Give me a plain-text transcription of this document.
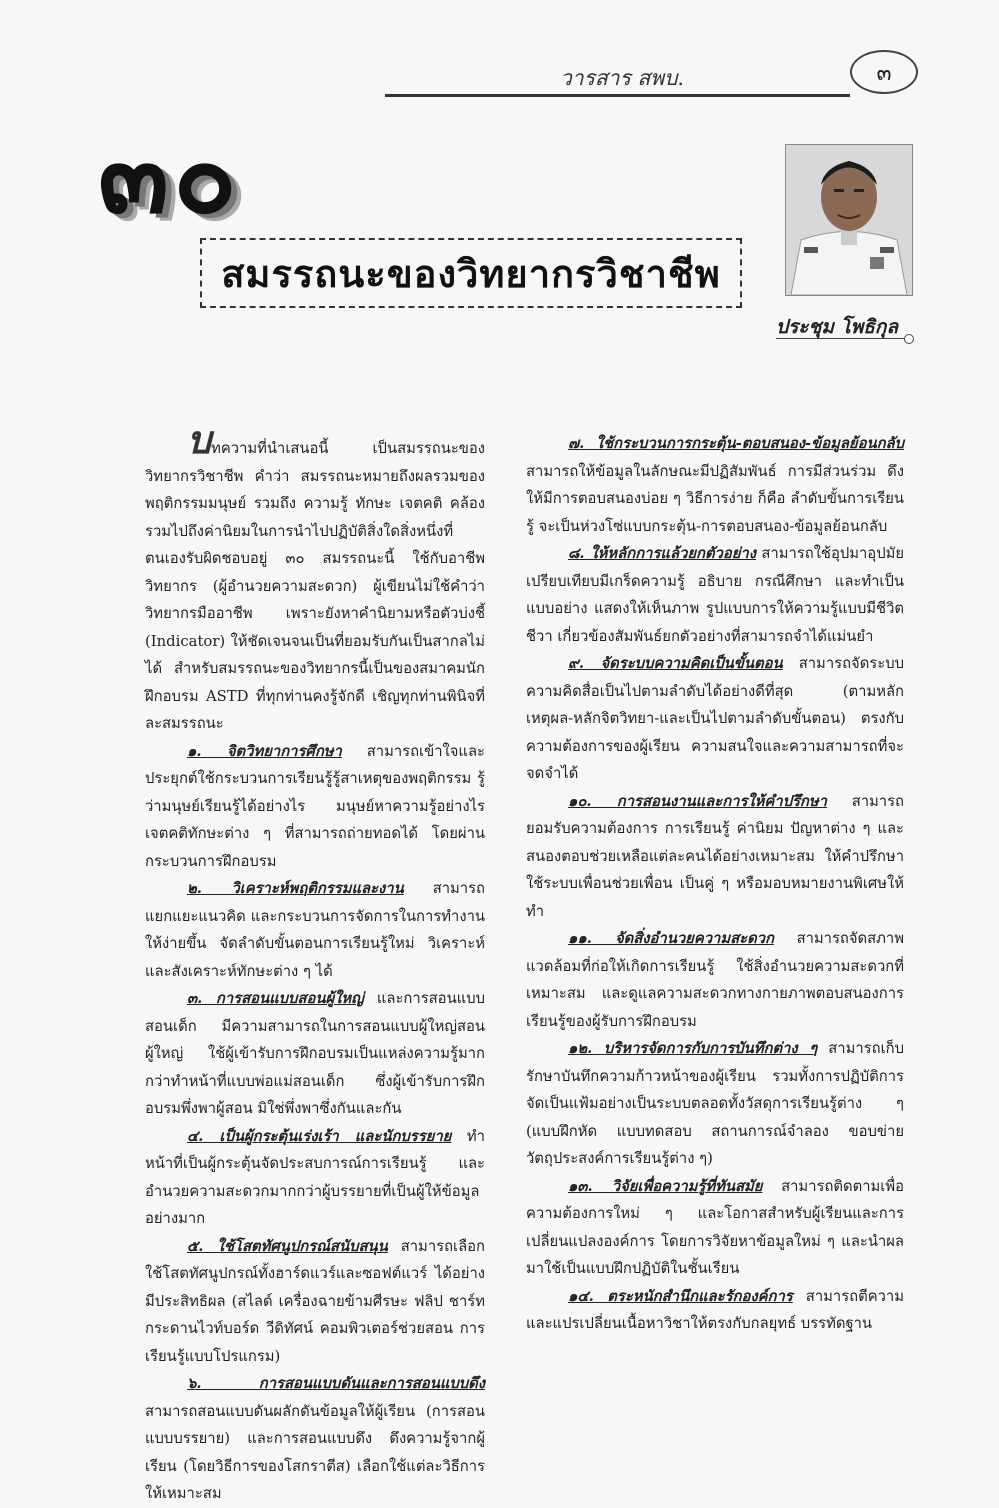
วารสาร สพบ.	๓
๓๐
สมรรถนะของวิทยากรวิชาชีพ
ประชุม โพธิกุล

บทความที่นำเสนอนี้ เป็นสมรรถนะของวิทยากรวิชาชีพ คำว่า สมรรถนะหมายถึงผลรวมของพฤติกรรมมนุษย์ รวมถึง ความรู้ ทักษะ เจตคติ คล้องรวมไปถึงค่านิยมในการนำไปปฏิบัติสิ่งใดสิ่งหนึ่งที่ตนเองรับผิดชอบอยู่ ๓๐ สมรรถนะนี้ ใช้กับอาชีพวิทยากร (ผู้อำนวยความสะดวก) ผู้เขียนไม่ใช้คำว่า วิทยากรมืออาชีพ เพราะยังหาคำนิยามหรือตัวบ่งชี้ (Indicator) ให้ชัดเจนจนเป็นที่ยอมรับกันเป็นสากลไม่ได้ สำหรับสมรรถนะของวิทยากรนี้เป็นของสมาคมนักฝึกอบรม ASTD ที่ทุกท่านคงรู้จักดี เชิญทุกท่านพินิจที่ละสมรรถนะ

๑. จิตวิทยาการศึกษา สามารถเข้าใจและประยุกต์ใช้กระบวนการเรียนรู้รู้สาเหตุของพฤติกรรม รู้ว่ามนุษย์เรียนรู้ได้อย่างไร มนุษย์หาความรู้อย่างไร เจตคติทักษะต่าง ๆ ที่สามารถถ่ายทอดได้ โดยผ่านกระบวนการฝึกอบรม

๒. วิเคราะห์พฤติกรรมและงาน สามารถแยกแยะแนวคิด และกระบวนการจัดการในการทำงานให้ง่ายขึ้น จัดลำดับขั้นตอนการเรียนรู้ใหม่ วิเคราะห์และสังเคราะห์ทักษะต่าง ๆ ได้

๓. การสอนแบบสอนผู้ใหญ่ และการสอนแบบสอนเด็ก มีความสามารถในการสอนแบบผู้ใหญ่สอนผู้ใหญ่ ใช้ผู้เข้ารับการฝึกอบรมเป็นแหล่งความรู้มากกว่าทำหน้าที่แบบพ่อแม่สอนเด็ก ซึ่งผู้เข้ารับการฝึกอบรมพึ่งพาผู้สอน มิใช่พึ่งพาซึ่งกันและกัน

๔. เป็นผู้กระตุ้นเร่งเร้า และนักบรรยาย ทำหน้าที่เป็นผู้กระตุ้นจัดประสบการณ์การเรียนรู้ และอำนวยความสะดวกมากกว่าผู้บรรยายที่เป็นผู้ให้ข้อมูลอย่างมาก

๕. ใช้โสตทัศนูปกรณ์สนับสนุน สามารถเลือกใช้โสตทัศนูปกรณ์ทั้งฮาร์ดแวร์และซอฟต์แวร์ ได้อย่างมีประสิทธิผล (สไลด์ เครื่องฉายข้ามศีรษะ ฟลิป ชาร์ท กระดานไวท์บอร์ด วีดิทัศน์ คอมพิวเตอร์ช่วยสอน การเรียนรู้แบบโปรแกรม)

๖. การสอนแบบดันและการสอนแบบดึง สามารถสอนแบบดันผลักดันข้อมูลให้ผู้เรียน (การสอนแบบบรรยาย) และการสอนแบบดึง ดึงความรู้จากผู้เรียน (โดยวิธีการของโสกราตีส) เลือกใช้แต่ละวิธีการให้เหมาะสม

๗. ใช้กระบวนการกระตุ้น-ตอบสนอง-ข้อมูลย้อนกลับ สามารถให้ข้อมูลในลักษณะมีปฏิสัมพันธ์ การมีส่วนร่วม ดึงให้มีการตอบสนองบ่อย ๆ วิธีการง่าย ก็คือ ลำดับขั้นการเรียนรู้ จะเป็นห่วงโซ่แบบกระตุ้น-การตอบสนอง-ข้อมูลย้อนกลับ

๘. ให้หลักการแล้วยกตัวอย่าง สามารถใช้อุปมาอุปมัย เปรียบเทียบมีเกร็ดความรู้ อธิบาย กรณีศึกษา และทำเป็นแบบอย่าง แสดงให้เห็นภาพ รูปแบบการให้ความรู้แบบมีชีวิตชีวา เกี่ยวข้องสัมพันธ์ยกตัวอย่างที่สามารถจำได้แม่นยำ

๙. จัดระบบความคิดเป็นขั้นตอน สามารถจัดระบบความคิดสื่อเป็นไปตามลำดับได้อย่างดีที่สุด (ตามหลักเหตุผล-หลักจิตวิทยา-และเป็นไปตามลำดับขั้นตอน) ตรงกับความต้องการของผู้เรียน ความสนใจและความสามารถที่จะจดจำได้

๑๐. การสอนงานและการให้คำปรึกษา สามารถยอมรับความต้องการ การเรียนรู้ ค่านิยม ปัญหาต่าง ๆ และสนองตอบช่วยเหลือแต่ละคนได้อย่างเหมาะสม ให้คำปรึกษาใช้ระบบเพื่อนช่วยเพื่อน เป็นคู่ ๆ หรือมอบหมายงานพิเศษให้ทำ

๑๑. จัดสิ่งอำนวยความสะดวก สามารถจัดสภาพแวดล้อมที่ก่อให้เกิดการเรียนรู้ ใช้สิ่งอำนวยความสะดวกที่เหมาะสม และดูแลความสะดวกทางกายภาพตอบสนองการเรียนรู้ของผู้รับการฝึกอบรม

๑๒. บริหารจัดการกับการบันทึกต่าง ๆ สามารถเก็บรักษาบันทึกความก้าวหน้าของผู้เรียน รวมทั้งการปฏิบัติการจัดเป็นแฟ้มอย่างเป็นระบบตลอดทั้งวัสดุการเรียนรู้ต่าง ๆ (แบบฝึกหัด แบบทดสอบ สถานการณ์จำลอง ขอบข่ายวัตถุประสงค์การเรียนรู้ต่าง ๆ)

๑๓. วิจัยเพื่อความรู้ที่ทันสมัย สามารถติดตามเพื่อความต้องการใหม่ ๆ และโอกาสสำหรับผู้เรียนและการเปลี่ยนแปลงองค์การ โดยการวิจัยหาข้อมูลใหม่ ๆ และนำผลมาใช้เป็นแบบฝึกปฏิบัติในชั้นเรียน

๑๔. ตระหนักสำนึกและรักองค์การ สามารถตีความและแปรเปลี่ยนเนื้อหาวิชาให้ตรงกับกลยุทธ์ บรรทัดฐาน
